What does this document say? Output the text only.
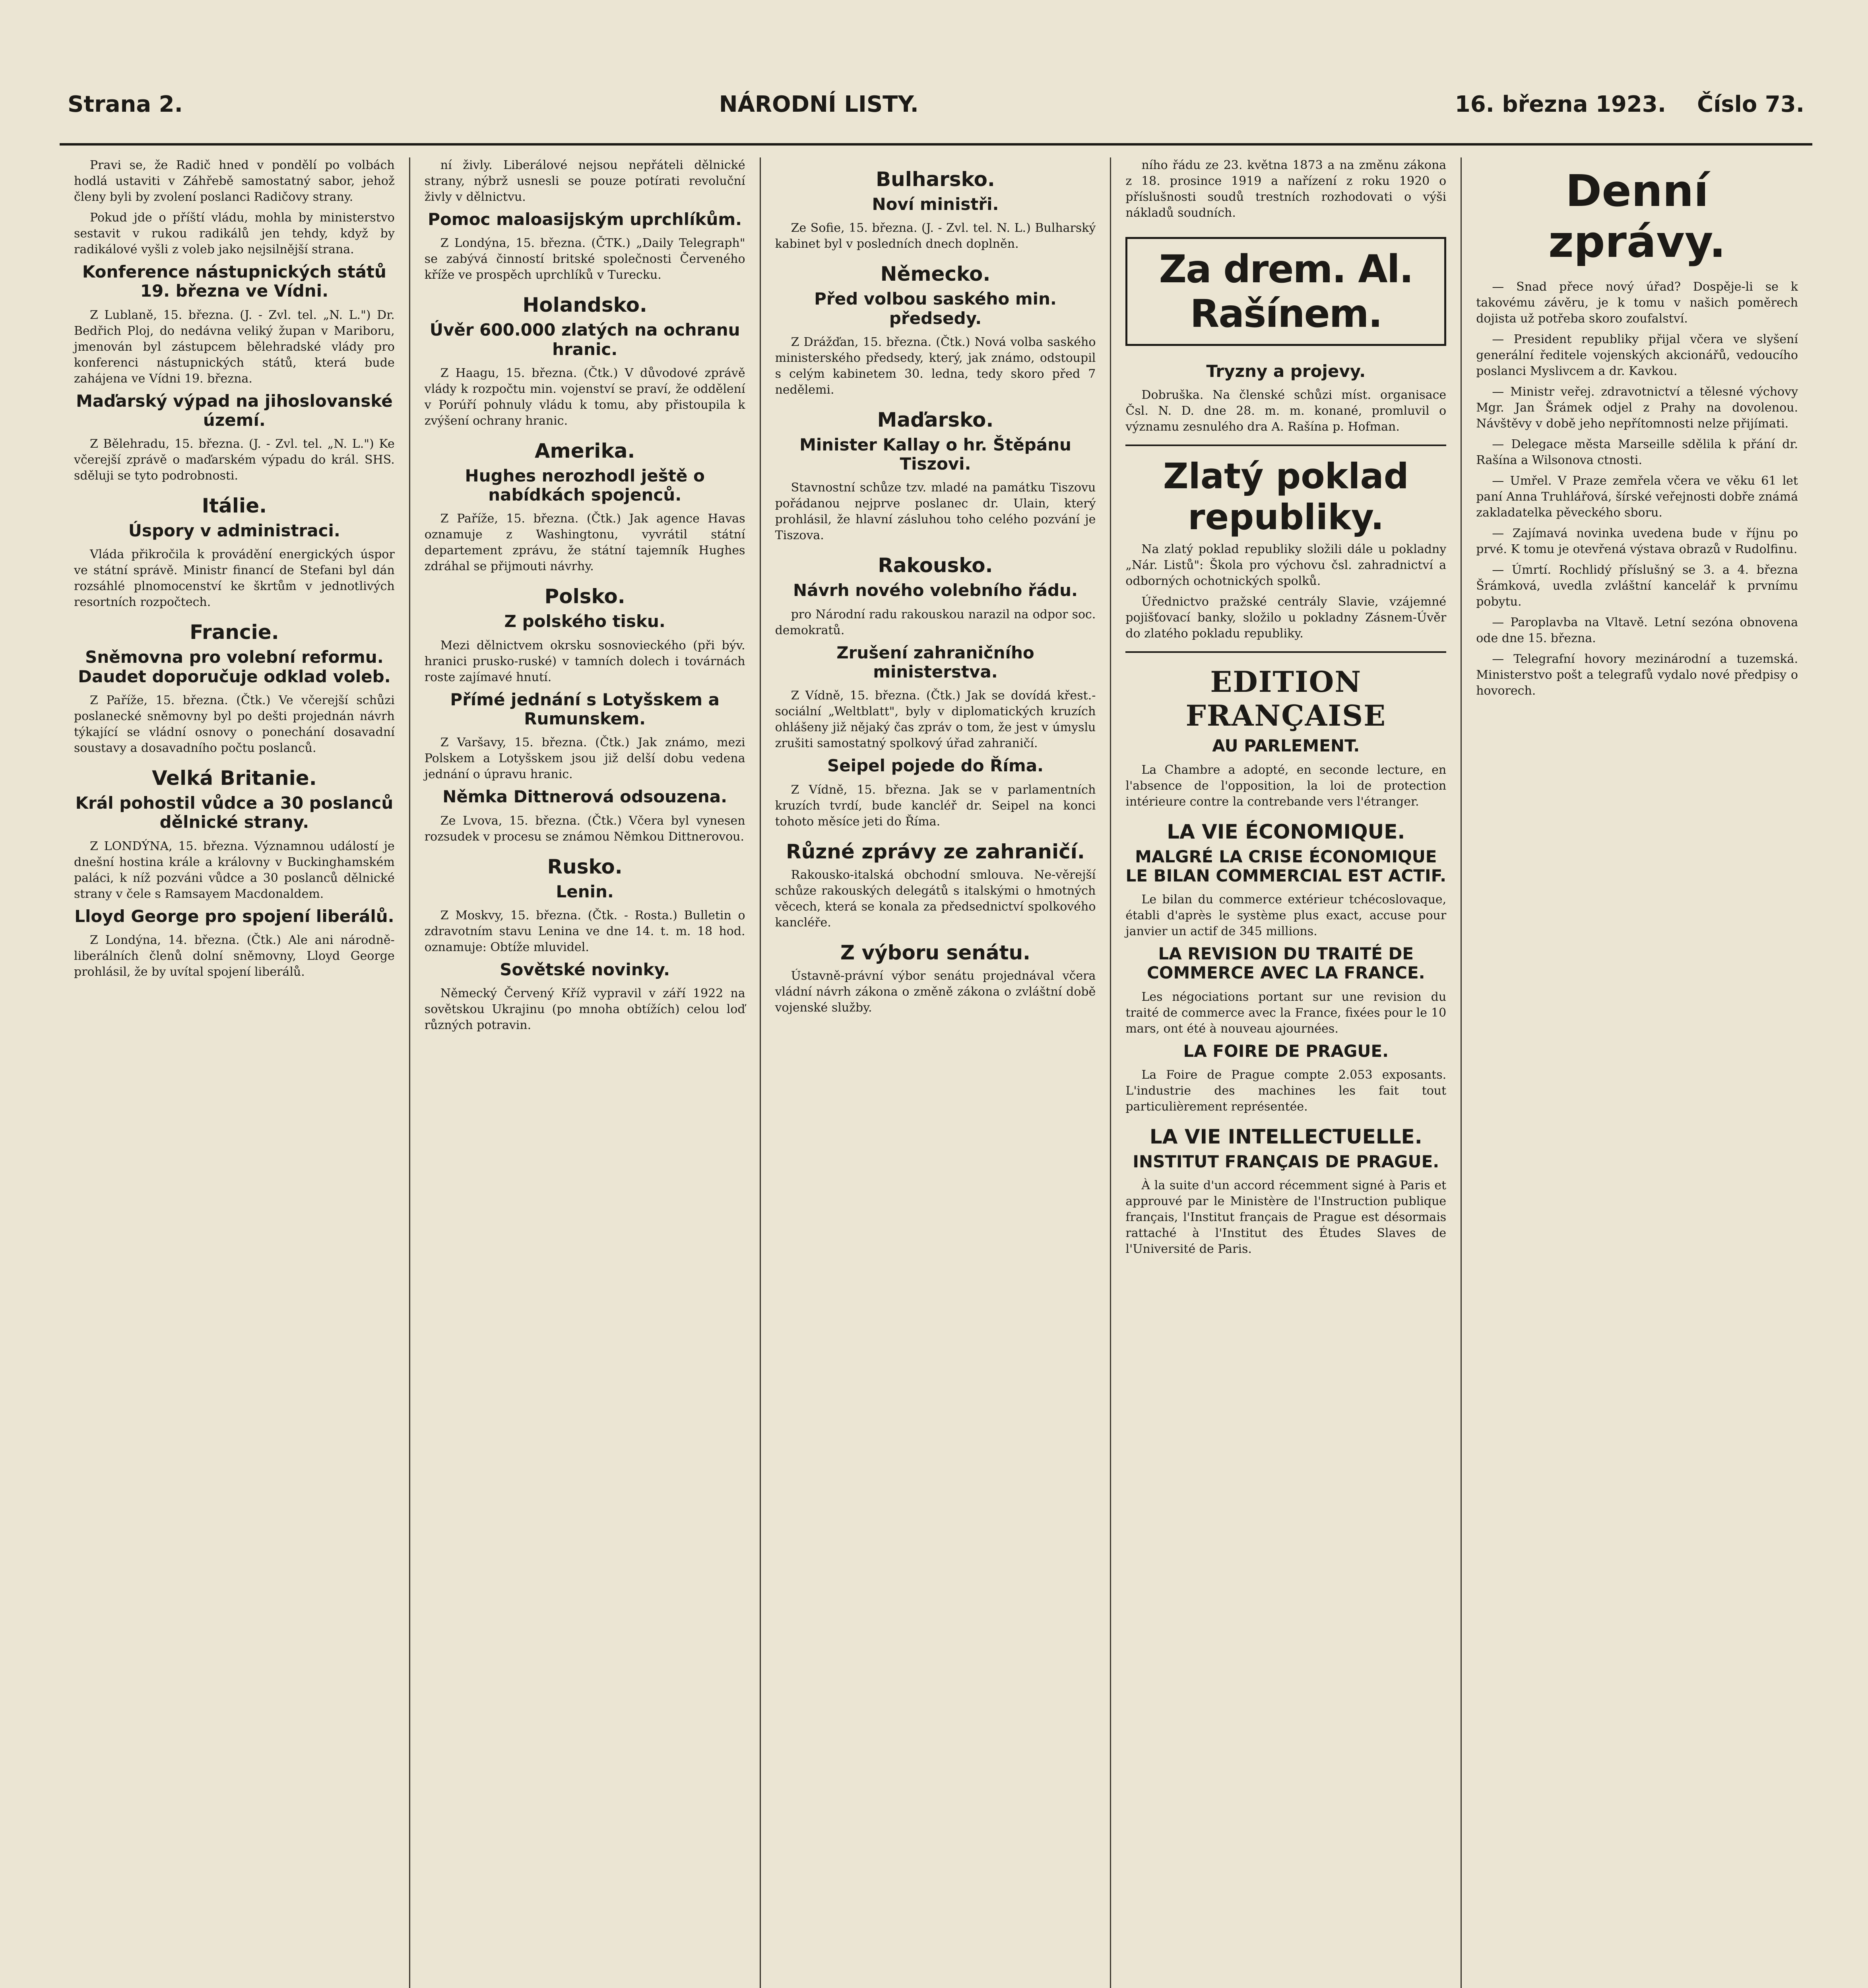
Strana 2.	NÁRODNÍ LISTY.	16. března 1923. Číslo 73.

Pravi se, že Radič hned v pondělí po volbách hodlá ustaviti v Záhřebě samostatný sabor, jehož členy byli by zvolení poslanci Radičovy strany.

Pokud jde o příští vládu, mohla by ministerstvo sestavit v rukou radikálů jen tehdy, když by radikálové vyšli z voleb jako nejsilnější strana.

Konference nástupnických států 19. března ve Vídni.

Z Lublaně, 15. března. (J. - Zvl. tel. „N. L.") Dr. Bedřich Ploj, do nedávna veliký župan v Mariboru, jmenován byl zástupcem bělehradské vlády pro konferenci nástupnických států, která bude zahájena ve Vídni 19. března.

Maďarský výpad na jihoslovanské území.

Z Bělehradu, 15. března. (J. - Zvl. tel. „N. L.") Ke včerejší zprávě o maďarském výpadu do král. SHS. sděluji se tyto podrobnosti.

Itálie.
Úspory v administraci.

Vláda přikročila k provádění energických úspor ve státní správě. Ministr financí de Stefani byl dán rozsáhlé plnomocenství ke škrtům v jednotlivých resortních rozpočtech.

Francie.
Sněmovna pro volební reformu. Daudet doporučuje odklad voleb.

Z Paříže, 15. března. (Čtk.) Ve včerejší schůzi poslanecké sněmovny byl po dešti projednán návrh týkající se vládní osnovy o ponechání dosavadní soustavy a dosavadního počtu poslanců.

Velká Britanie.
Král pohostil vůdce a 30 poslanců dělnické strany.

Z LONDÝNA, 15. března. Významnou událostí je dnešní hostina krále a královny v Buckinghamském paláci, k níž pozváni vůdce a 30 poslanců dělnické strany v čele s Ramsayem Macdonaldem.

Lloyd George pro spojení liberálů.

Z Londýna, 14. března. (Čtk.) Ale ani národně-liberálních členů dolní sněmovny, Lloyd George prohlásil, že by uvítal spojení liberálů.

ní živly. Liberálové nejsou nepřáteli dělnické strany, nýbrž usnesli se pouze potírati revoluční živly v dělnictvu.

Pomoc maloasijským uprchlíkům.

Z Londýna, 15. března. (ČTK.) „Daily Telegraph" se zabývá činností britské společnosti Červeného kříže ve prospěch uprchlíků v Turecku.

Holandsko.
Úvěr 600.000 zlatých na ochranu hranic.

Z Haagu, 15. března. (Čtk.) V důvodové zprávě vlády k rozpočtu min. vojenství se praví, že oddělení v Porúří pohnuly vládu k tomu, aby přistoupila k zvýšení ochrany hranic.

Amerika.
Hughes nerozhodl ještě o nabídkách spojenců.

Z Paříže, 15. března. (Čtk.) Jak agence Havas oznamuje z Washingtonu, vyvrátil státní departement zprávu, že státní tajemník Hughes zdráhal se přijmouti návrhy.

Polsko.
Z polského tisku.

Mezi dělnictvem okrsku sosnovieckého (při býv. hranici prusko-ruské) v tamních dolech i továrnách roste zajímavé hnutí.

Přímé jednání s Lotyšskem a Rumunskem.

Z Varšavy, 15. března. (Čtk.) Jak známo, mezi Polskem a Lotyšskem jsou již delší dobu vedena jednání o úpravu hranic.

Němka Dittnerová odsouzena.

Ze Lvova, 15. března. (Čtk.) Včera byl vynesen rozsudek v procesu se známou Němkou Dittnerovou.

Rusko.
Lenin.

Z Moskvy, 15. března. (Čtk. - Rosta.) Bulletin o zdravotním stavu Lenina ve dne 14. t. m. 18 hod. oznamuje: Obtíže mluvidel.

Sovětské novinky.

Německý Červený Kříž vypravil v září 1922 na sovětskou Ukrajinu (po mnoha obtížích) celou loď různých potravin.

Bulharsko.
Noví ministři.

Ze Sofie, 15. března. (J. - Zvl. tel. N. L.) Bulharský kabinet byl v posledních dnech doplněn.

Německo.
Před volbou saského min. předsedy.

Z Drážďan, 15. března. (Čtk.) Nová volba saského ministerského předsedy, který, jak známo, odstoupil s celým kabinetem 30. ledna, tedy skoro před 7 nedělemi.

Maďarsko.
Minister Kallay o hr. Štěpánu Tiszovi.

Stavnostní schůze tzv. mladé na památku Tiszovu pořádanou nejprve poslanec dr. Ulain, který prohlásil, že hlavní zásluhou toho celého pozvání je Tiszova.

Rakousko.
Návrh nového volebního řádu.

pro Národní radu rakouskou narazil na odpor soc. demokratů.

Zrušení zahraničního ministerstva.

Z Vídně, 15. března. (Čtk.) Jak se dovídá křest.-sociální „Weltblatt", byly v diplomatických kruzích ohlášeny již nějaký čas zpráv o tom, že jest v úmyslu zrušiti samostatný spolkový úřad zahraničí.

Seipel pojede do Říma.

Z Vídně, 15. března. Jak se v parlamentních kruzích tvrdí, bude kancléř dr. Seipel na konci tohoto měsíce jeti do Říma.

Různé zprávy ze zahraničí.

Rakousko-italská obchodní smlouva. Ne-věrejší schůze rakouských delegátů s italskými o hmotných věcech, která se konala za předsednictví spolkového kancléře.

Z výboru senátu.

Ústavně-právní výbor senátu projednával včera vládní návrh zákona o změně zákona o zvláštní době vojenské služby.

ního řádu ze 23. května 1873 a na změnu zákona z 18. prosince 1919 a nařízení z roku 1920 o příslušnosti soudů trestních rozhodovati o výši nákladů soudních.

Za drem. Al. Rašínem.
Tryzny a projevy.

Dobruška. Na členské schůzi míst. organisace Čsl. N. D. dne 28. m. m. konané, promluvil o významu zesnulého dra A. Rašína p. Hofman.

Zlatý poklad republiky.

Na zlatý poklad republiky složili dále u pokladny „Nár. Listů": Škola pro výchovu čsl. zahradnictví a odborných ochotnických spolků.

Úřednictvo pražské centrály Slavie, vzájemné pojišťovací banky, složilo u pokladny Zásnem-Úvěr do zlatého pokladu republiky.

EDITION FRANÇAISE
AU PARLEMENT.

La Chambre a adopté, en seconde lecture, en l'absence de l'opposition, la loi de protection intérieure contre la contrebande vers l'étranger.

LA VIE ÉCONOMIQUE.
MALGRÉ LA CRISE ÉCONOMIQUE LE BILAN COMMERCIAL EST ACTIF.

Le bilan du commerce extérieur tchécoslovaque, établi d'après le système plus exact, accuse pour janvier un actif de 345 millions.

LA REVISION DU TRAITÉ DE COMMERCE AVEC LA FRANCE.

Les négociations portant sur une revision du traité de commerce avec la France, fixées pour le 10 mars, ont été à nouveau ajournées.

LA FOIRE DE PRAGUE.

La Foire de Prague compte 2.053 exposants. L'industrie des machines les fait tout particulièrement représentée.

LA VIE INTELLECTUELLE.
INSTITUT FRANÇAIS DE PRAGUE.

À la suite d'un accord récemment signé à Paris et approuvé par le Ministère de l'Instruction publique français, l'Institut français de Prague est désormais rattaché à l'Institut des Études Slaves de l'Université de Paris.

Denní zprávy.

— Snad přece nový úřad? Dospěje-li se k takovému závěru, je k tomu v našich poměrech dojista už potřeba skoro zoufalství.

— President republiky přijal včera ve slyšení generální ředitele vojenských akcionářů, vedoucího poslanci Myslivcem a dr. Kavkou.

— Ministr veřej. zdravotnictví a tělesné výchovy Mgr. Jan Šrámek odjel z Prahy na dovolenou. Návštěvy v době jeho nepřítomnosti nelze přijímati.

— Delegace města Marseille sdělila k přání dr. Rašína a Wilsonova ctnosti.

— Umřel. V Praze zemřela včera ve věku 61 let paní Anna Truhlářová, šírské veřejnosti dobře známá zakladatelka pěveckého sboru.

— Zajímavá novinka uvedena bude v říjnu po prvé. K tomu je otevřená výstava obrazů v Rudolfinu.

— Úmrtí. Rochlidý příslušný se 3. a 4. března Šrámková, uvedla zvláštní kancelář k prvnímu pobytu.

— Paroplavba na Vltavě. Letní sezóna obnovena ode dne 15. března.

— Telegrafní hovory mezinárodní a tuzemská. Ministerstvo pošt a telegrafů vydalo nové předpisy o hovorech.
